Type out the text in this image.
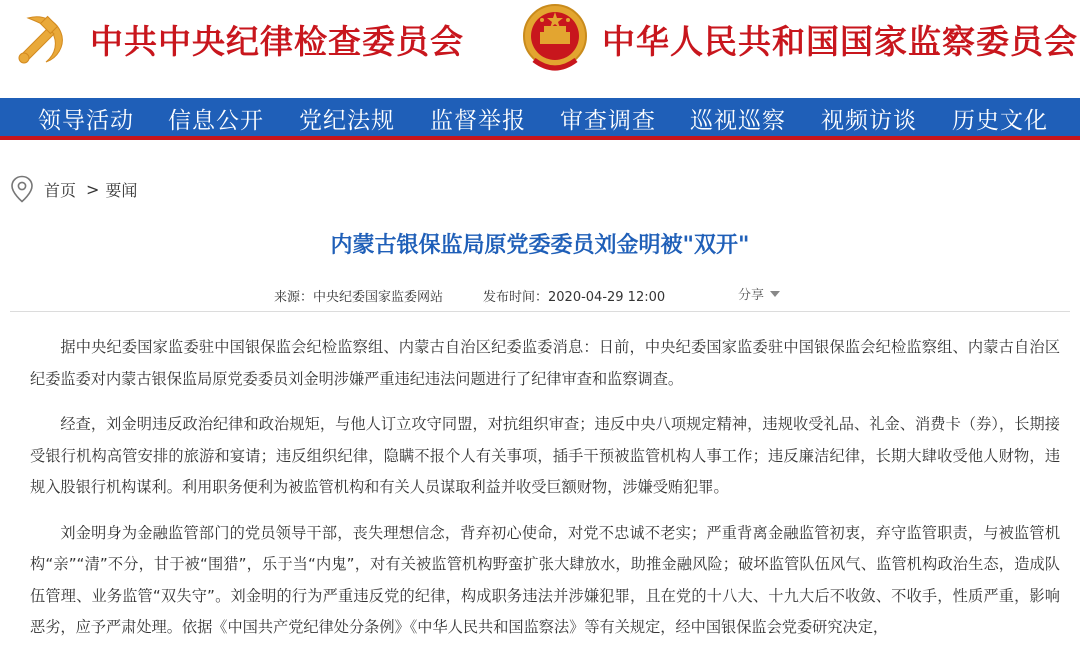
中共中央纪律检查委员会	中华人民共和国国家监察委员会
领导活动 信息公开 党纪法规 监督举报 审查调查 巡视巡察 视频访谈 历史文化
首页 > 要闻
内蒙古银保监局原党委委员刘金明被"双开"
来源：中央纪委国家监委网站	发布时间：2020-04-29 12:00	分享

据中央纪委国家监委驻中国银保监会纪检监察组、内蒙古自治区纪委监委消息：日前，中央纪委国家监委驻中国银保监会纪检监察组、内蒙古自治区纪委监委对内蒙古银保监局原党委委员刘金明涉嫌严重违纪违法问题进行了纪律审查和监察调查。

经查，刘金明违反政治纪律和政治规矩，与他人订立攻守同盟，对抗组织审查；违反中央八项规定精神，违规收受礼品、礼金、消费卡（券），长期接受银行机构高管安排的旅游和宴请；违反组织纪律，隐瞒不报个人有关事项，插手干预被监管机构人事工作；违反廉洁纪律，长期大肆收受他人财物，违规入股银行机构谋利。利用职务便利为被监管机构和有关人员谋取利益并收受巨额财物，涉嫌受贿犯罪。

刘金明身为金融监管部门的党员领导干部，丧失理想信念，背弃初心使命，对党不忠诚不老实；严重背离金融监管初衷，弃守监管职责，与被监管机构“亲”“清”不分，甘于被“围猎”，乐于当“内鬼”，对有关被监管机构野蛮扩张大肆放水，助推金融风险；破坏监管队伍风气、监管机构政治生态，造成队伍管理、业务监管“双失守”。刘金明的行为严重违反党的纪律，构成职务违法并涉嫌犯罪，且在党的十八大、十九大后不收敛、不收手，性质严重，影响恶劣，应予严肃处理。依据《中国共产党纪律处分条例》《中华人民共和国监察法》等有关规定，经中国银保监会党委研究决定，
